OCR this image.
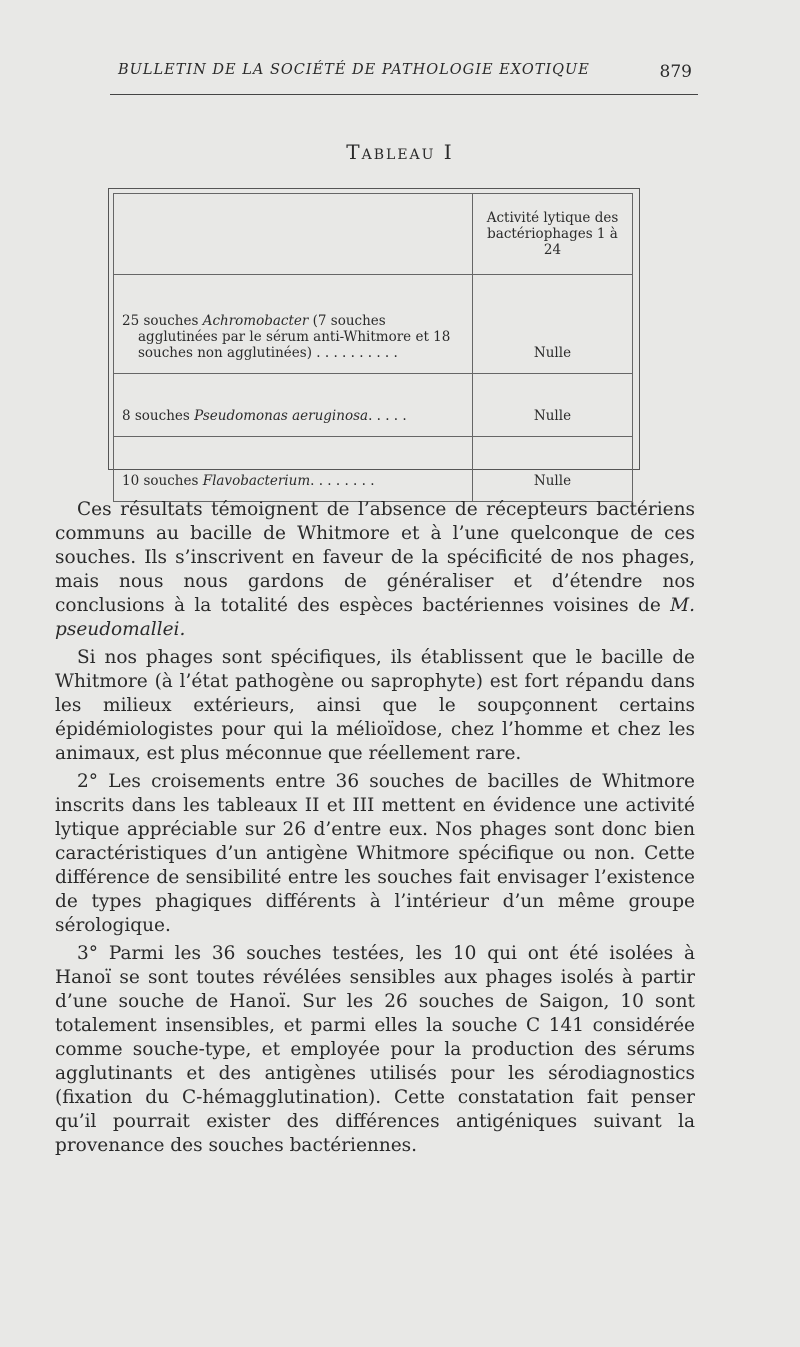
BULLETIN DE LA SOCIÉTÉ DE PATHOLOGIE EXOTIQUE	879
Tableau I
	Activité lytique des bactériophages 1 à 24

25 souches Achromobacter (7 souches agglutinées par le sérum anti-Whitmore et 18 souches non agglutinées) . . . . . . . . . .	Nulle

8 souches Pseudomonas aeruginosa. . . . .	Nulle

10 souches Flavobacterium. . . . . . . .	Nulle

Ces résultats témoignent de l’absence de récepteurs bactériens communs au bacille de Whitmore et à l’une quelconque de ces souches. Ils s’inscrivent en faveur de la spécificité de nos phages, mais nous nous gardons de généraliser et d’étendre nos conclusions à la totalité des espèces bactériennes voisines de M. pseudomallei.

Si nos phages sont spécifiques, ils établissent que le bacille de Whitmore (à l’état pathogène ou saprophyte) est fort répandu dans les milieux extérieurs, ainsi que le soupçonnent certains épidémiologistes pour qui la mélioïdose, chez l’homme et chez les animaux, est plus méconnue que réellement rare.

2° Les croisements entre 36 souches de bacilles de Whitmore inscrits dans les tableaux II et III mettent en évidence une activité lytique appréciable sur 26 d’entre eux. Nos phages sont donc bien caractéristiques d’un antigène Whitmore spécifique ou non. Cette différence de sensibilité entre les souches fait envisager l’existence de types phagiques différents à l’intérieur d’un même groupe sérologique.

3° Parmi les 36 souches testées, les 10 qui ont été isolées à Hanoï se sont toutes révélées sensibles aux phages isolés à partir d’une souche de Hanoï. Sur les 26 souches de Saigon, 10 sont totalement insensibles, et parmi elles la souche C 141 considérée comme souche-type, et employée pour la production des sérums agglutinants et des antigènes utilisés pour les sérodiagnostics (fixation du C-hémagglutination). Cette constatation fait penser qu’il pourrait exister des différences antigéniques suivant la provenance des souches bactériennes.
